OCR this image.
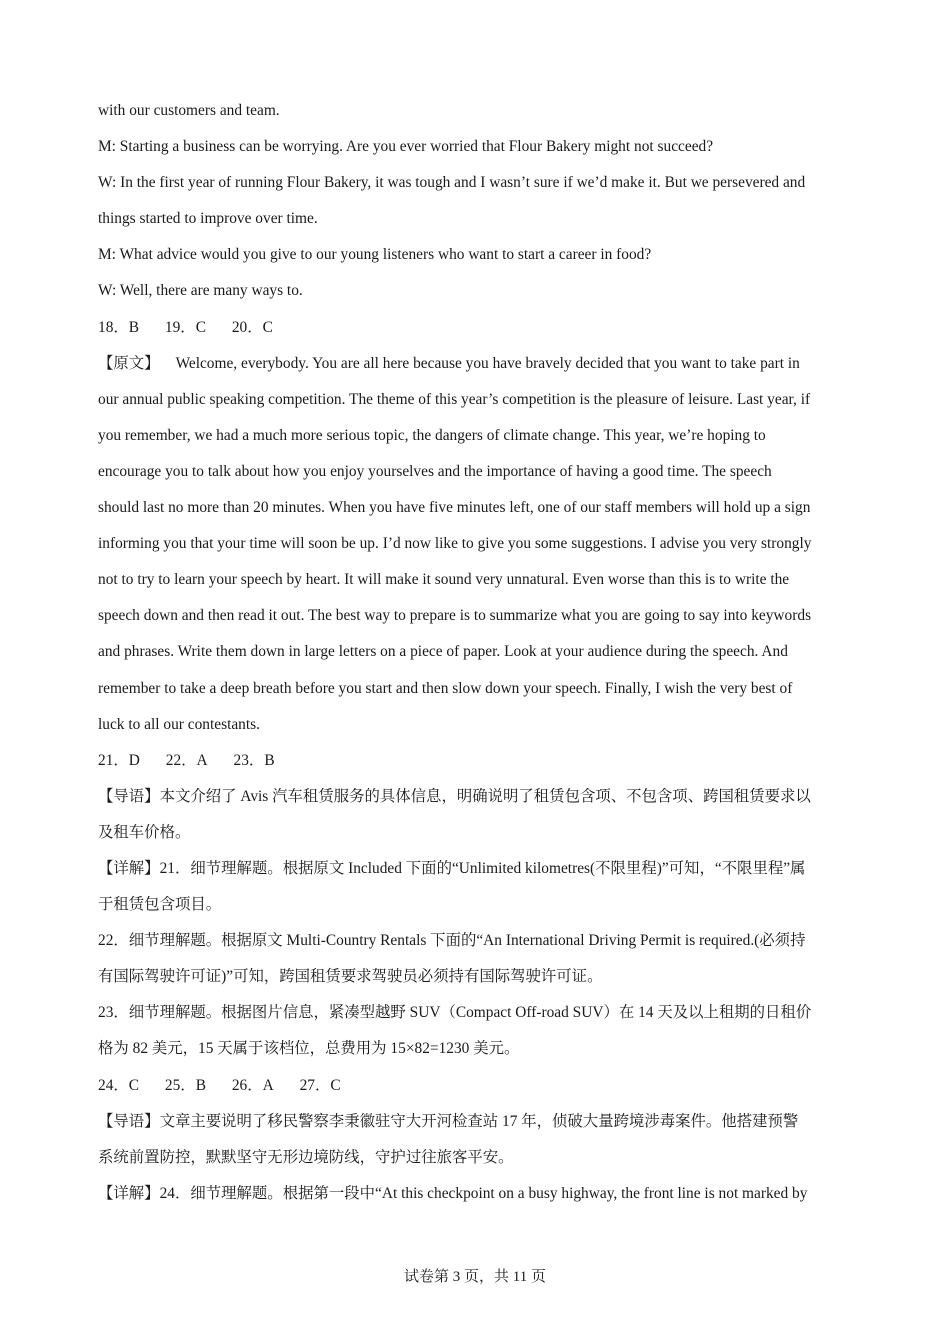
with our customers and team.
M: Starting a business can be worrying. Are you ever worried that Flour Bakery might not succeed?
W: In the first year of running Flour Bakery, it was tough and I wasn’t sure if we’d make it. But we persevered and
things started to improve over time.
M: What advice would you give to our young listeners who want to start a career in food?
W: Well, there are many ways to.
18．B 19．C 20．C
【原文】 Welcome, everybody. You are all here because you have bravely decided that you want to take part in
our annual public speaking competition. The theme of this year’s competition is the pleasure of leisure. Last year, if
you remember, we had a much more serious topic, the dangers of climate change. This year, we’re hoping to
encourage you to talk about how you enjoy yourselves and the importance of having a good time. The speech
should last no more than 20 minutes. When you have five minutes left, one of our staff members will hold up a sign
informing you that your time will soon be up. I’d now like to give you some suggestions. I advise you very strongly
not to try to learn your speech by heart. It will make it sound very unnatural. Even worse than this is to write the
speech down and then read it out. The best way to prepare is to summarize what you are going to say into keywords
and phrases. Write them down in large letters on a piece of paper. Look at your audience during the speech. And
remember to take a deep breath before you start and then slow down your speech. Finally, I wish the very best of
luck to all our contestants.
21．D 22．A 23．B
【导语】本文介绍了 Avis 汽车租赁服务的具体信息，明确说明了租赁包含项、不包含项、跨国租赁要求以
及租车价格。
【详解】21．细节理解题。根据原文 Included 下面的“Unlimited kilometres(不限里程)”可知，“不限里程”属
于租赁包含项目。
22．细节理解题。根据原文 Multi-Country Rentals 下面的“An International Driving Permit is required.(必须持
有国际驾驶许可证)”可知，跨国租赁要求驾驶员必须持有国际驾驶许可证。
23．细节理解题。根据图片信息，紧凑型越野 SUV（Compact Off-road SUV）在 14 天及以上租期的日租价
格为 82 美元，15 天属于该档位，总费用为 15×82=1230 美元。
24．C 25．B 26．A 27．C
【导语】文章主要说明了移民警察李秉徽驻守大开河检查站 17 年，侦破大量跨境涉毒案件。他搭建预警
系统前置防控，默默坚守无形边境防线，守护过往旅客平安。
【详解】24．细节理解题。根据第一段中“At this checkpoint on a busy highway, the front line is not marked by
试卷第 3 页，共 11 页
